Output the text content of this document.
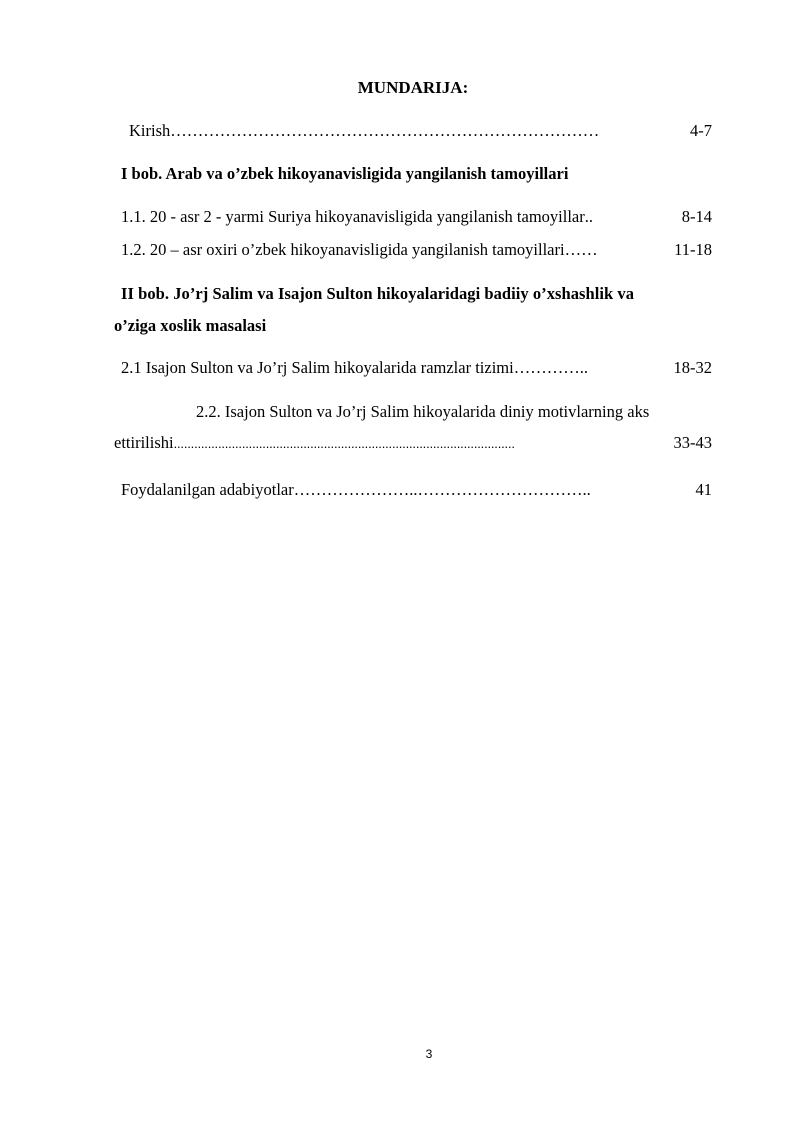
MUNDARIJA:
Kirish ……………………………………………………………………	4-7
I bob. Arab va o’zbek hikoyanavisligida yangilanish tamoyillari
1.1. 20 - asr 2 - yarmi Suriya hikoyanavisligida yangilanish tamoyillar ..	8-14
1.2. 20 – asr oxiri o’zbek hikoyanavisligida yangilanish tamoyillari ……	11-18
II bob. Jo’rj Salim va Isajon Sulton hikoyalaridagi badiiy o’xshashlik va
o’ziga xoslik masalasi
2.1 Isajon Sulton va Jo’rj Salim hikoyalarida ramzlar tizimi …………..	18-32
2.2. Isajon Sulton va Jo’rj Salim hikoyalarida diniy motivlarning aks
ettirilishi ....................................................................................................	33-43
Foydalanilgan adabiyotlar …………………..…………………………..	41
3
